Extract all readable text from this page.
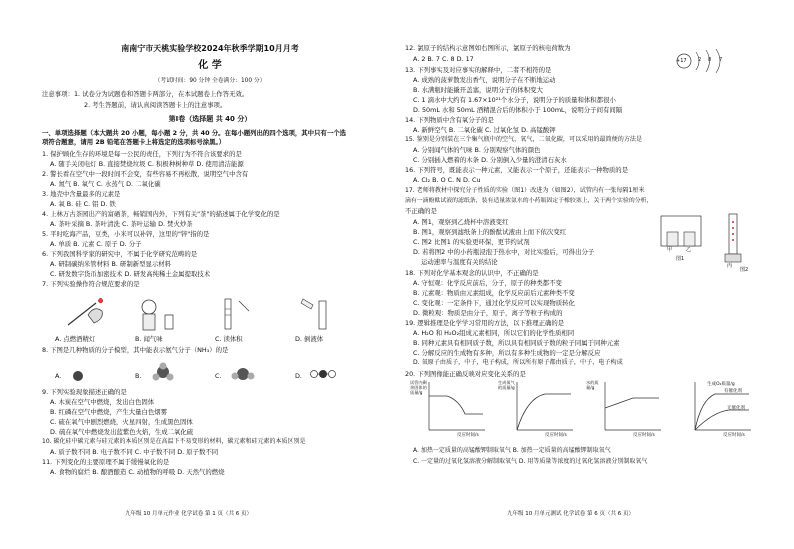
南南宁市天桃实验学校2024年秋季学期10月月考
化 学
（考试时间：90 分钟 全卷满分：100 分）
注意事项：1. 试卷分为试题卷和答题卡两部分，在本试题卷上作答无效。
2. 考生答题前，请认真阅读答题卡上的注意事项。
第Ⅰ卷（选择题 共 40 分）
一、单项选择题（本大题共 20 小题，每小题 2 分，共 40 分。在每小题列出的四个选项，其中只有一个选
项符合题意，请用 2B 铅笔在答题卡上将选定的选项标号涂黑。）
1. 保护顾化生存的环境是每一公民的责任，下列行为不符合该要求的是
A. 随手关闭电灯 B. 直接焚烧垃圾 C. 积极种树种草 D. 使用清洁能源
2. 警长看在空气中一段时间不会变，有些容易不再松散，说明空气中含有
A. 氮气 B. 氧气 C. 水蒸气 D. 二氧化碳
3. 地壳中含量最多的元素是
A. 氧 B. 硅 C. 铝 D. 铁
4. 上林万古茶园出产的富硒茶，畅销国内外，下列有关"茶"的描述属于化学变化的是
A. 茶叶采摘 B. 茶叶清洗 C. 茶叶运输 D. 焚火炒茶
5. 平时吃海产品，豆类，小米可以补锌，这里的"锌"指的是
A. 单质 B. 元素 C. 原子 D. 分子
6. 下列我国科学家的研究中，不属于化学研究范畴的是
A. 研制碳纳米管材料 B. 研制新型显示材料
C. 研发数字货币加密技术 D. 研发高纯稀土金属提取技术
7. 下列实验操作符合规范要求的是
A. 点燃酒精灯	B. 闻气味	C. 读体积	D. 倒液体
8. 下图是几种物质的分子模型，其中能表示氨气分子（NH₃）的是
A.	B.	C.	D.
9. 下列实验现象描述正确的是
A. 木炭在空气中燃烧，发出白色固体
B. 红磷在空气中燃烧，产生大量白色烟雾
C. 硫在氧气中剧烈燃烧，火星四射，生成黑色固体
D. 硫在氧气中燃烧发出蓝紫色火焰，生成二氧化硫
10. 碳化硅中碳元素与硅元素的本质区别是在高温下不易变形的材料，碳元素和硅元素的本质区别是
A. 质子数不同 B. 电子数不同 C. 中子数不同 D. 原子数不同
11. 下列变化的主要原理不属于缓慢氧化的是
A. 食物的腐烂 B. 酿酒酿造 C. 动植物的呼吸 D. 天然气的燃烧
九年级 10 月单元作业 化学试卷 第 1 页（共 6 页）
12. 氯原子的结构示意图如右图所示，氯原子的核电荷数为
A. 2 B. 7 C. 8 D. 17	+17 2 8 7
13. 下列事实及对应事实的解释中，二者不相符的是
A. 成熟的菠萝散发出香气，说明分子在不断地运动
B. 水满瓶时能撬开盖塞，说明分子的体积变大
C. 1 滴水中大约有 1.67×10²¹个水分子，说明分子的质量和体积都很小
D. 50mL 水和 50mL 酒精混合后的体积小于 100mL，说明分子间有间隔
14. 下列物质中含有氧分子的是
A. 新鲜空气 B. 二氧化碳 C. 过氧化氢 D. 高锰酸钾
15. 鉴别是分别装在三个集气瓶中的空气，氧气，二氧化碳，可以采用的最简便的方法是
A. 分别闻气体的气味 B. 分别观察气体的颜色
C. 分别插入燃着的木条 D. 分别倒入少量的澄清石灰水
16. 下列符号，既能表示一种元素，又能表示一个原子，还能表示一种物质的是
A. Cl₂ B. O C. N D. Cu
17. 老师将教材中探究分子性质的实验（图1）改进为（如图2），试管内有一张每隔1厘米
滴有一滴酚酞试液的滤纸条，装有适量浓氨水的小药瓶固定于橡胶塞上，关于两个实验的分析，
不正确的是
A. 图1，观察到乙烧杯中溶液变红
B. 图1，观察到滤纸条上的酚酞试液由上而下依次变红
C. 图2 比图1 的实验更环保，更节约试剂
D. 若将图2 中的小药瓶浸泡于热水中，对比实验后，可得出分子
运动速率与温度有关的结论
甲	乙
图1
丙
图2
18. 下列对化学基本观念的认识中，不正确的是
A. 守恒观：化学反应前后，分子，原子的种类都不变
B. 元素观：物质由元素组成，化学反应前后元素种类不变
C. 变化观：一定条件下，通过化学反应可以实现物质转化
D. 微粒观：物质是由分子，原子，离子等粒子构成的
19. 逻辑推理是化学学习常用的方法，以下推理正确的是
A. H₂O 和 H₂O₂组成元素相同，所以它们的化学性质相同
B. 同种元素具有相同质子数，所以具有相同质子数的粒子同属于同种元素
C. 分解反应的生成物有多种，所以有多种生成物的一定是分解反应
D. 氧原子由质子，中子，电子构成，所以所有原子都由质子，中子，电子构成
20. 下列图像能正确反映对应变化关系的是
试管内剩余固体的质量/g
反应时间/s
生成氧气的质量/g
反应时间/s
水的质量/g
反应时间/s
生成O₂质量/g
有催化剂
无催化剂
反应时间/s
A. 加热一定质量的高锰酸钾制取氧气 B. 加热一定质量的高锰酸钾制取氧气
C. 一定量的过氧化氢溶液分解制取氧气 D. 用等质量等浓度的过氧化氢溶液分别制取氧气
九年级 10 月单元测试 化学试卷 第 6 页（共 6 页）
